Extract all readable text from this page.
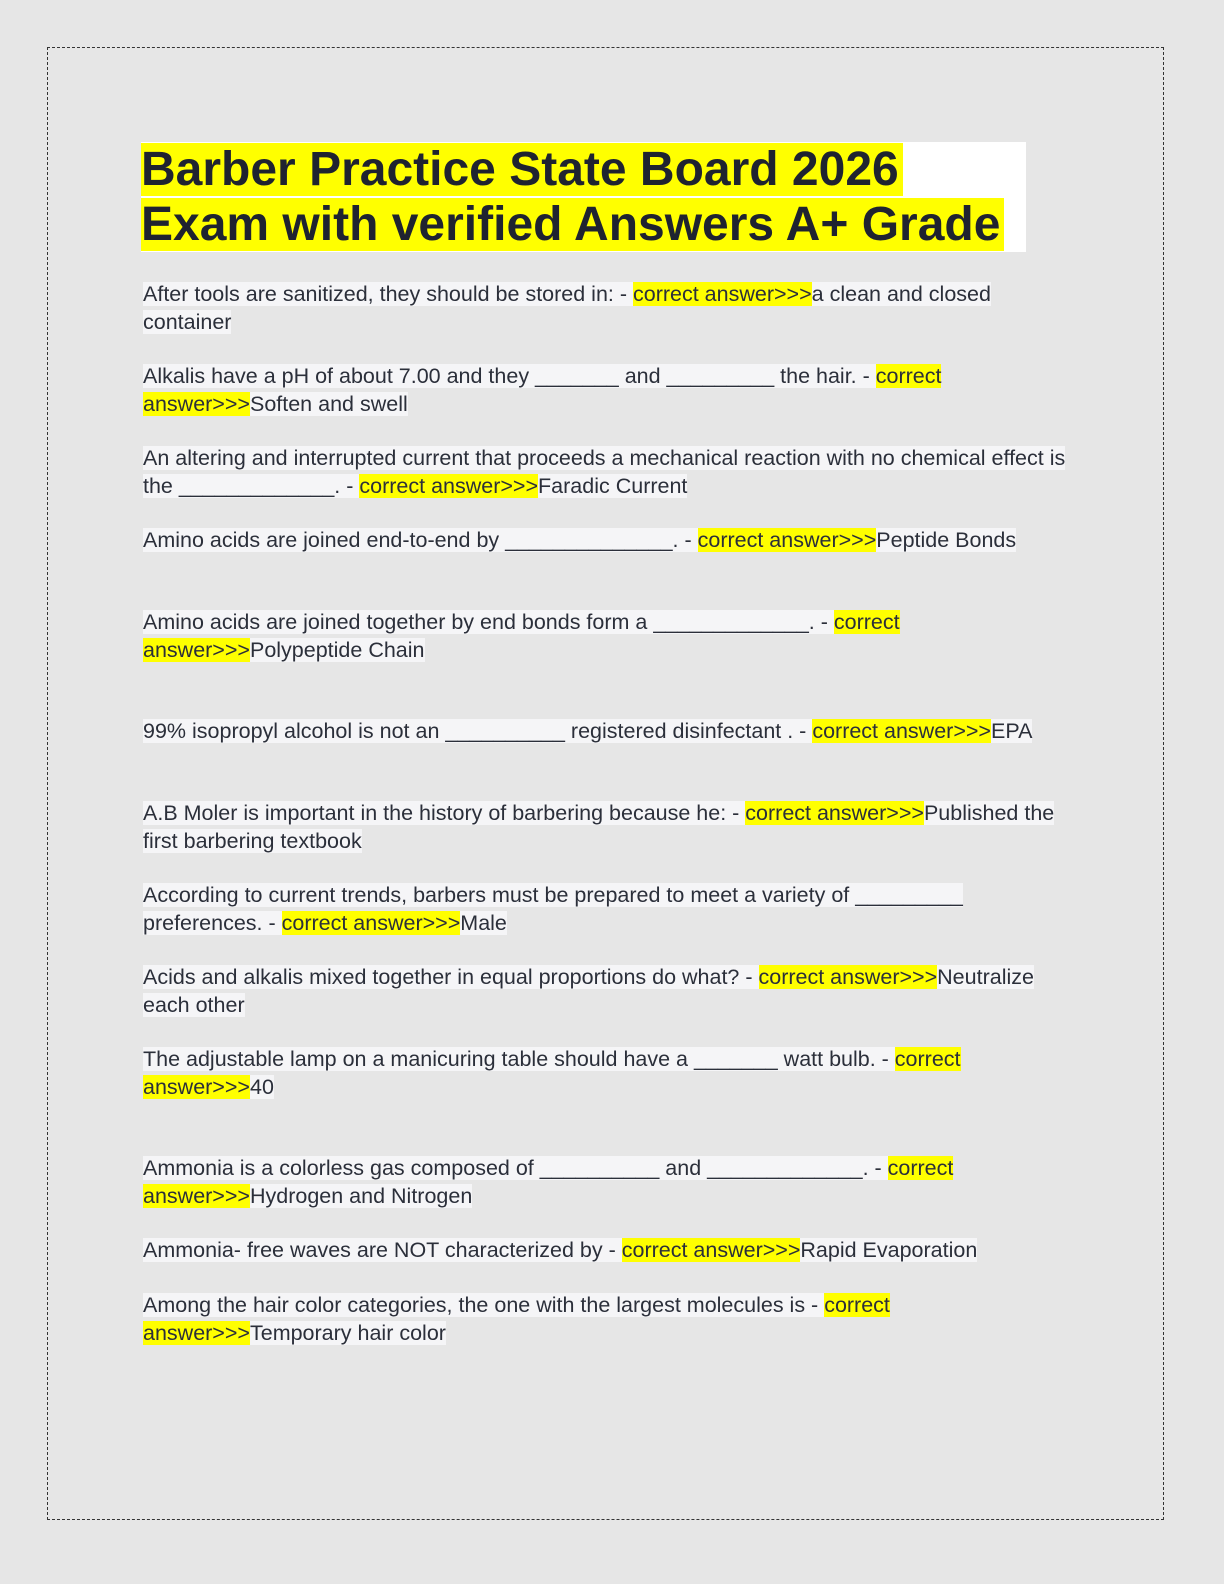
Barber Practice State Board 2026
Exam with verified Answers A+ Grade
After tools are sanitized, they should be stored in: - correct answer>>>a clean and closed container
Alkalis have a pH of about 7.00 and they _______ and _________ the hair. - correct answer>>>Soften and swell
An altering and interrupted current that proceeds a mechanical reaction with no chemical effect is the _____________. - correct answer>>>Faradic Current
Amino acids are joined end-to-end by ______________. - correct answer>>>Peptide Bonds
Amino acids are joined together by end bonds form a _____________. - correct answer>>>Polypeptide Chain
99% isopropyl alcohol is not an __________ registered disinfectant . - correct answer>>>EPA
A.B Moler is important in the history of barbering because he: - correct answer>>>Published the first barbering textbook
According to current trends, barbers must be prepared to meet a variety of _________ preferences. - correct answer>>>Male
Acids and alkalis mixed together in equal proportions do what? - correct answer>>>Neutralize each other
The adjustable lamp on a manicuring table should have a _______ watt bulb. - correct answer>>>40
Ammonia is a colorless gas composed of __________ and _____________. - correct answer>>>Hydrogen and Nitrogen
Ammonia- free waves are NOT characterized by - correct answer>>>Rapid Evaporation
Among the hair color categories, the one with the largest molecules is - correct answer>>>Temporary hair color
